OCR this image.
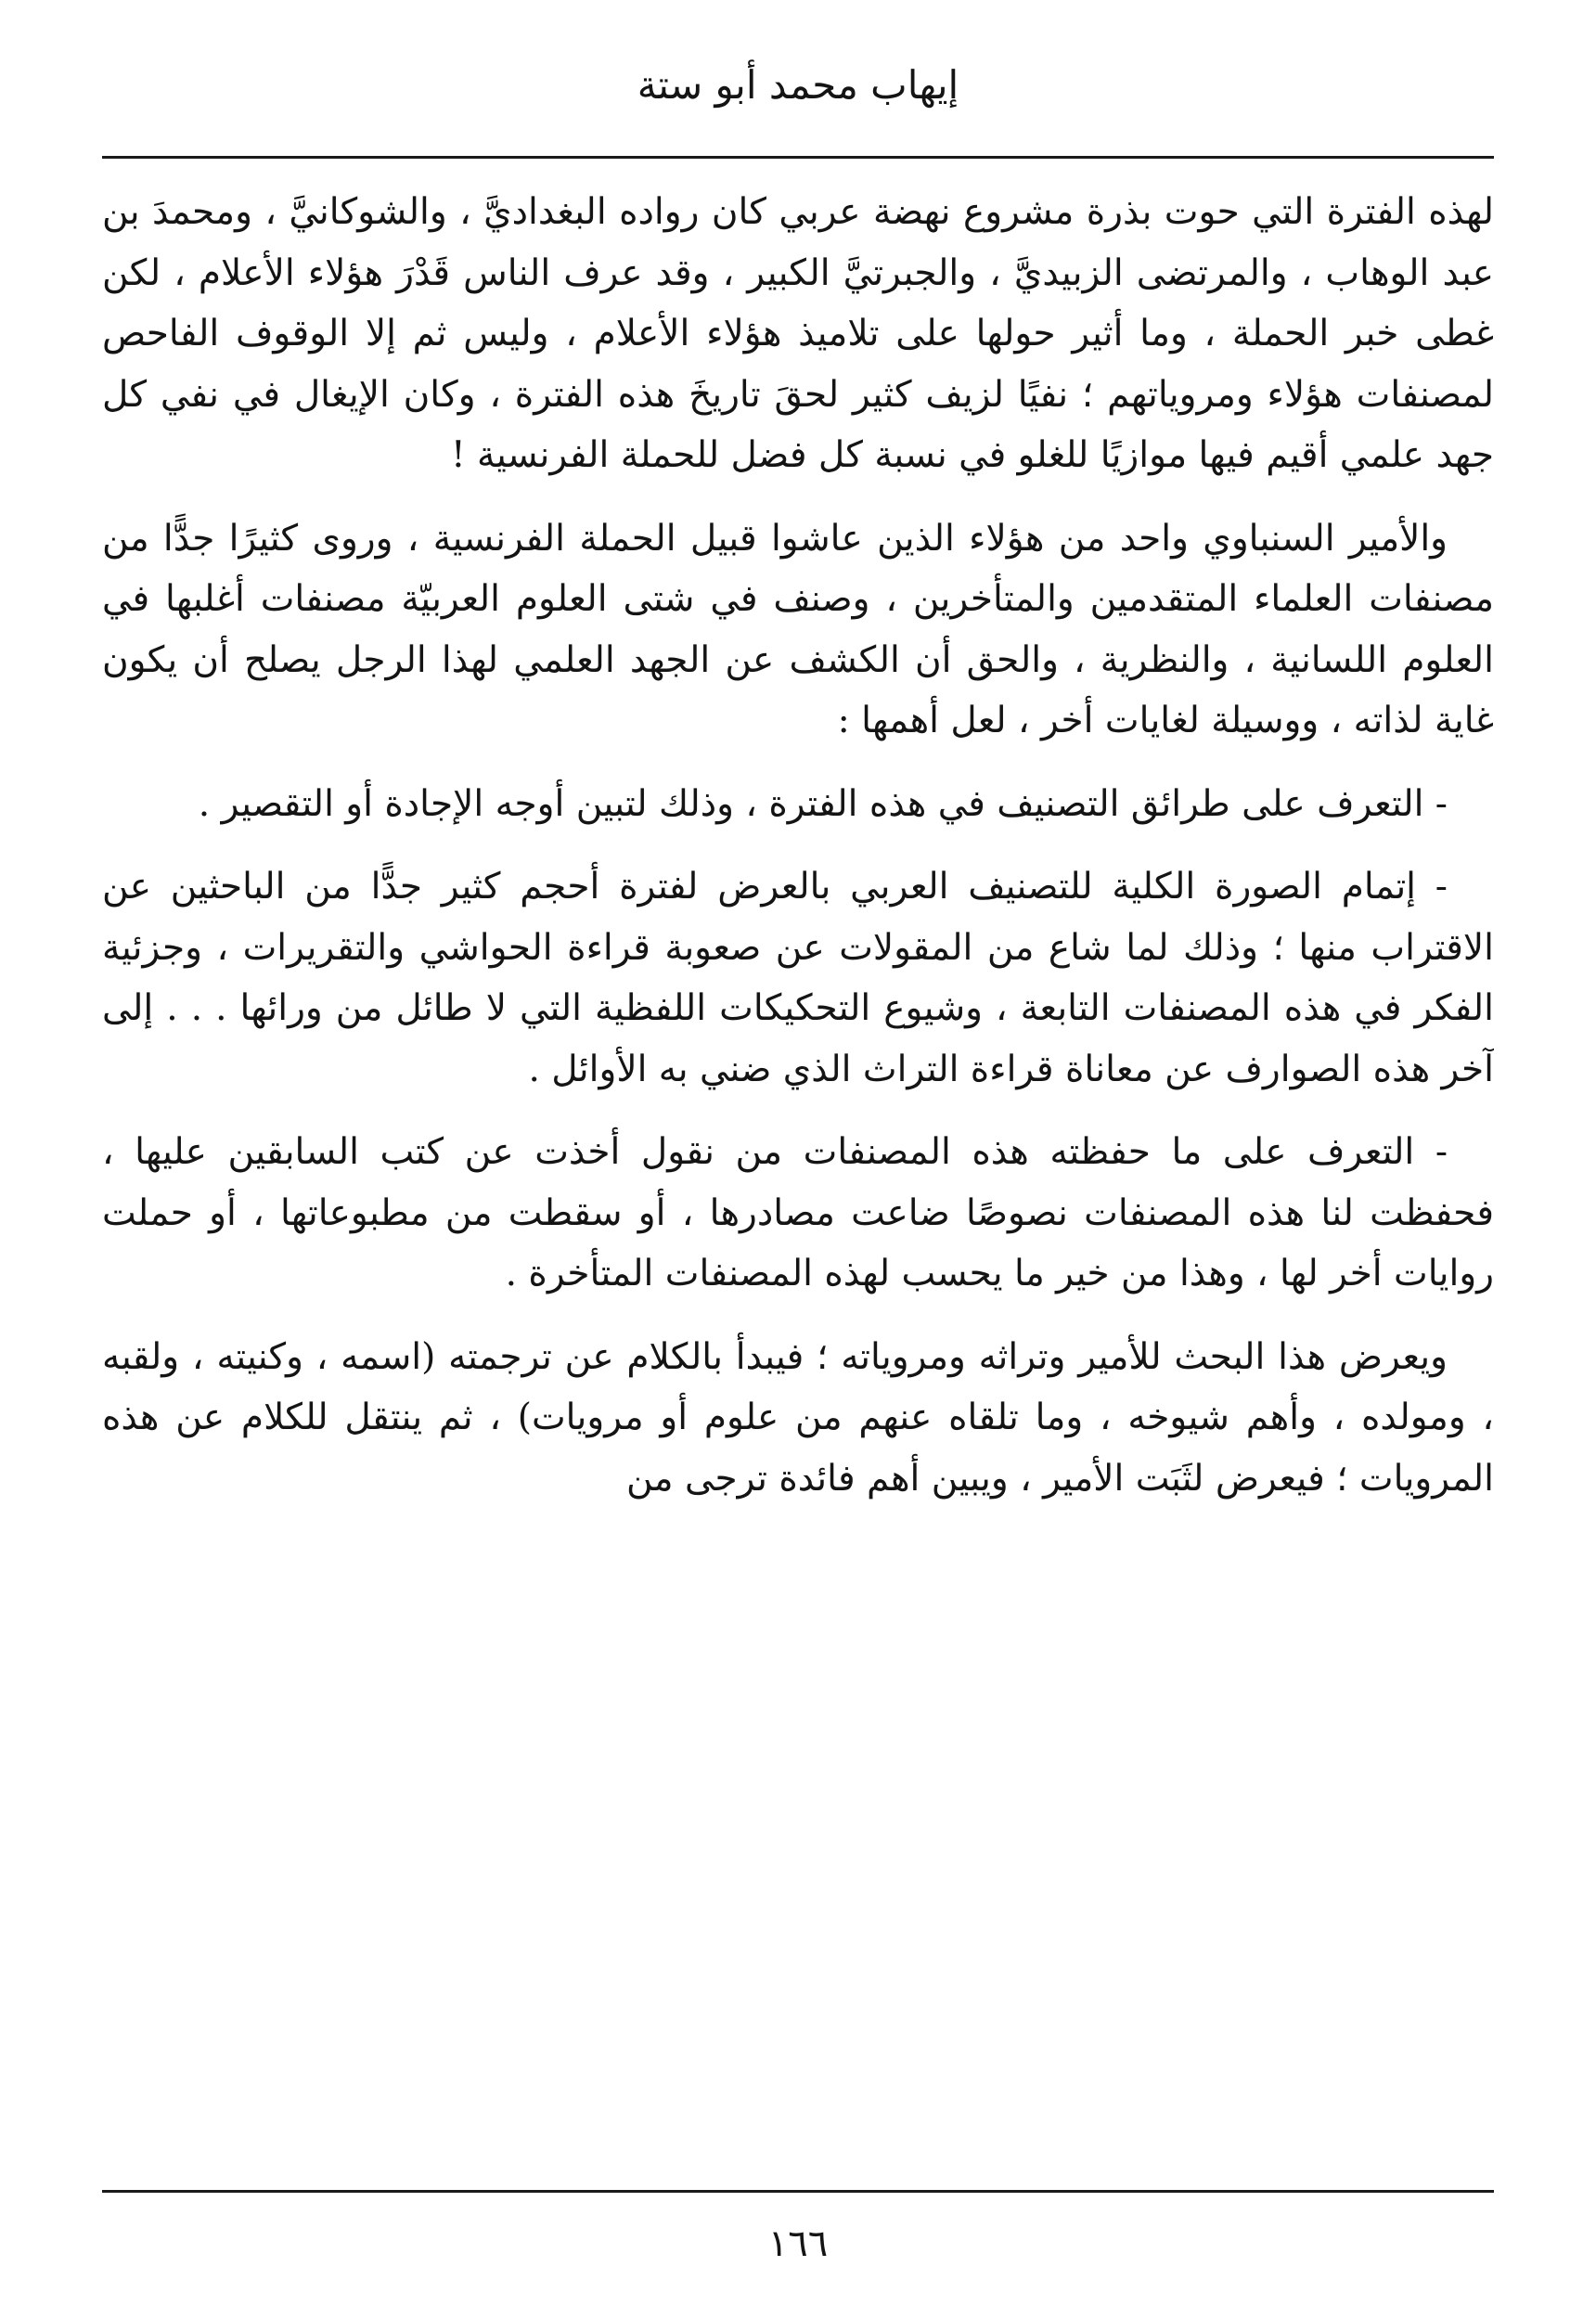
إيهاب محمد أبو ستة

لهذه الفترة التي حوت بذرة مشروع نهضة عربي كان رواده البغداديَّ ، والشوكانيَّ ، ومحمدَ بن عبد الوهاب ، والمرتضى الزبيديَّ ، والجبرتيَّ الكبير ، وقد عرف الناس قَدْرَ هؤلاء الأعلام ، لكن غطى خبر الحملة ، وما أثير حولها على تلاميذ هؤلاء الأعلام ، وليس ثم إلا الوقوف الفاحص لمصنفات هؤلاء ومروياتهم ؛ نفيًا لزيف كثير لحقَ تاريخَ هذه الفترة ، وكان الإيغال في نفي كل جهد علمي أقيم فيها موازيًا للغلو في نسبة كل فضل للحملة الفرنسية !

والأمير السنباوي واحد من هؤلاء الذين عاشوا قبيل الحملة الفرنسية ، وروى كثيرًا جدًّا من مصنفات العلماء المتقدمين والمتأخرين ، وصنف في شتى العلوم العربيّة مصنفات أغلبها في العلوم اللسانية ، والنظرية ، والحق أن الكشف عن الجهد العلمي لهذا الرجل يصلح أن يكون غاية لذاته ، ووسيلة لغايات أخر ، لعل أهمها :

- التعرف على طرائق التصنيف في هذه الفترة ، وذلك لتبين أوجه الإجادة أو التقصير .

- إتمام الصورة الكلية للتصنيف العربي بالعرض لفترة أحجم كثير جدًّا من الباحثين عن الاقتراب منها ؛ وذلك لما شاع من المقولات عن صعوبة قراءة الحواشي والتقريرات ، وجزئية الفكر في هذه المصنفات التابعة ، وشيوع التحكيكات اللفظية التي لا طائل من ورائها . . . إلى آخر هذه الصوارف عن معاناة قراءة التراث الذي ضني به الأوائل .

- التعرف على ما حفظته هذه المصنفات من نقول أخذت عن كتب السابقين عليها ، فحفظت لنا هذه المصنفات نصوصًا ضاعت مصادرها ، أو سقطت من مطبوعاتها ، أو حملت روايات أخر لها ، وهذا من خير ما يحسب لهذه المصنفات المتأخرة .

ويعرض هذا البحث للأمير وتراثه ومروياته ؛ فيبدأ بالكلام عن ترجمته (اسمه ، وكنيته ، ولقبه ، ومولده ، وأهم شيوخه ، وما تلقاه عنهم من علوم أو مرويات) ، ثم ينتقل للكلام عن هذه المرويات ؛ فيعرض لثَبَت الأمير ، ويبين أهم فائدة ترجى من

١٦٦
